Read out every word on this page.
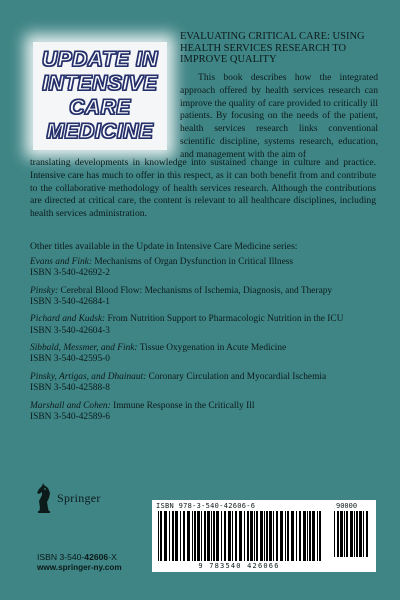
UPDATE IN
INTENSIVE
CARE
MEDICINE
EVALUATING CRITICAL CARE: USING HEALTH SERVICES RESEARCH TO IMPROVE QUALITY
This book describes how the integrated approach offered by health services research can improve the quality of care provided to critically ill patients. By focusing on the needs of the patient, health services research links conventional scientific discipline, systems research, education, and management with the aim of
translating developments in knowledge into sustained change in culture and practice. Intensive care has much to offer in this respect, as it can both benefit from and contribute to the collaborative methodology of health services research. Although the contributions are directed at critical care, the content is relevant to all healthcare disciplines, including health services administration.
Other titles available in the Update in Intensive Care Medicine series:
Evans and Fink: Mechanisms of Organ Dysfunction in Critical Illness
ISBN 3-540-42692-2
Pinsky: Cerebral Blood Flow: Mechanisms of Ischemia, Diagnosis, and Therapy
ISBN 3-540-42684-1
Pichard and Kudsk: From Nutrition Support to Pharmacologic Nutrition in the ICU
ISBN 3-540-42604-3
Sibbald, Messmer, and Fink: Tissue Oxygenation in Acute Medicine
ISBN 3-540-42595-0
Pinsky, Artigas, and Dhainaut: Coronary Circulation and Myocardial Ischemia
ISBN 3-540-42588-8
Marshall and Cohen: Immune Response in the Critically Ill
ISBN 3-540-42589-6
Springer
ISBN 3-540-42606-X
www.springer-ny.com
ISBN 978-3-540-42606-6	90000
9 783540 426066
